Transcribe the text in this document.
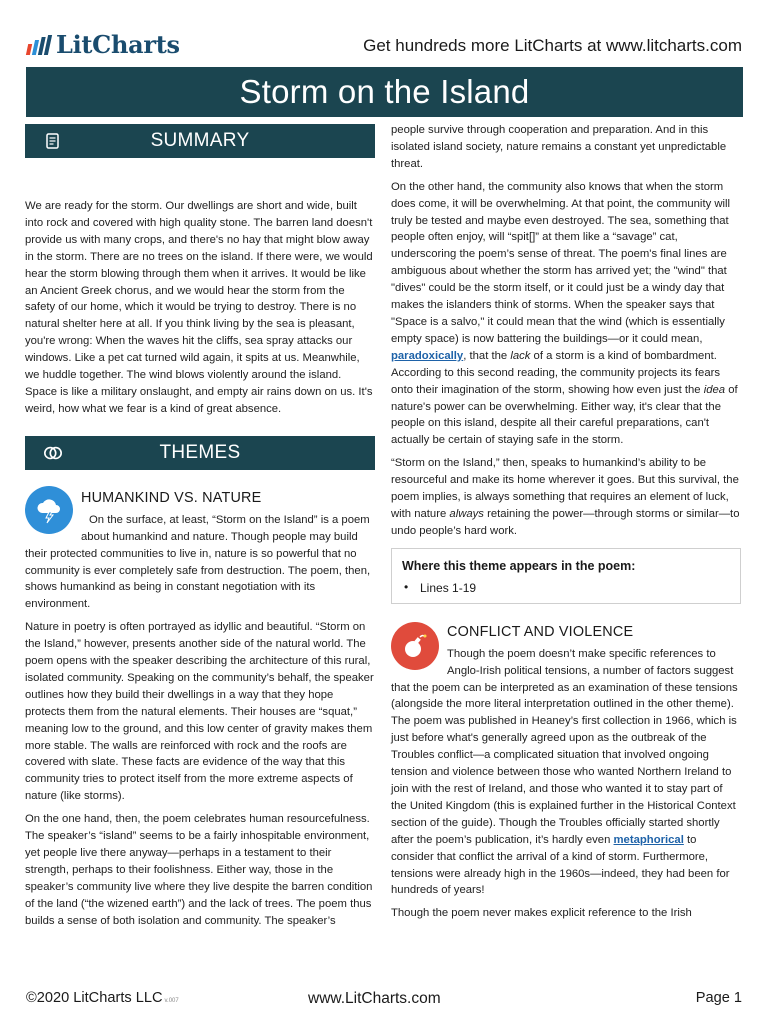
LitCharts	Get hundreds more LitCharts at www.litcharts.com
Storm on the Island
SUMMARY

We are ready for the storm. Our dwellings are short and wide, built into rock and covered with high quality stone. The barren land doesn't provide us with many crops, and there's no hay that might blow away in the storm. There are no trees on the island. If there were, we would hear the storm blowing through them when it arrives. It would be like an Ancient Greek chorus, and we would hear the storm from the safety of our home, which it would be trying to destroy. There is no natural shelter here at all. If you think living by the sea is pleasant, you're wrong: When the waves hit the cliffs, sea spray attacks our windows. Like a pet cat turned wild again, it spits at us. Meanwhile, we huddle together. The wind blows violently around the island. Space is like a military onslaught, and empty air rains down on us. It's weird, how what we fear is a kind of great absence.

THEMES
HUMANKIND VS. NATURE

On the surface, at least, “Storm on the Island” is a poem about humankind and nature. Though people may build their protected communities to live in, nature is so powerful that no community is ever completely safe from destruction. The poem, then, shows humankind as being in constant negotiation with its environment.

Nature in poetry is often portrayed as idyllic and beautiful. “Storm on the Island,” however, presents another side of the natural world. The poem opens with the speaker describing the architecture of this rural, isolated community. Speaking on the community’s behalf, the speaker outlines how they build their dwellings in a way that they hope protects them from the natural elements. Their houses are “squat,” meaning low to the ground, and this low center of gravity makes them more stable. The walls are reinforced with rock and the roofs are covered with slate. These facts are evidence of the way that this community tries to protect itself from the more extreme aspects of nature (like storms).

On the one hand, then, the poem celebrates human resourcefulness. The speaker’s “island” seems to be a fairly inhospitable environment, yet people live there anyway—perhaps in a testament to their strength, perhaps to their foolishness. Either way, those in the speaker’s community live where they live despite the barren condition of the land (“the wizened earth”) and the lack of trees. The poem thus builds a sense of both isolation and community. The speaker’s

people survive through cooperation and preparation. And in this isolated island society, nature remains a constant yet unpredictable threat.

On the other hand, the community also knows that when the storm does come, it will be overwhelming. At that point, the community will truly be tested and maybe even destroyed. The sea, something that people often enjoy, will “spit[]” at them like a “savage” cat, underscoring the poem’s sense of threat. The poem's final lines are ambiguous about whether the storm has arrived yet; the "wind" that "dives" could be the storm itself, or it could just be a windy day that makes the islanders think of storms. When the speaker says that "Space is a salvo," it could mean that the wind (which is essentially empty space) is now battering the buildings—or it could mean, paradoxically, that the lack of a storm is a kind of bombardment. According to this second reading, the community projects its fears onto their imagination of the storm, showing how even just the idea of nature's power can be overwhelming. Either way, it's clear that the people on this island, despite all their careful preparations, can't actually be certain of staying safe in the storm.

“Storm on the Island,” then, speaks to humankind’s ability to be resourceful and make its home wherever it goes. But this survival, the poem implies, is always something that requires an element of luck, with nature always retaining the power—through storms or similar—to undo people’s hard work.

Where this theme appears in the poem:
• Lines 1-19
CONFLICT AND VIOLENCE

Though the poem doesn’t make specific references to Anglo-Irish political tensions, a number of factors suggest that the poem can be interpreted as an examination of these tensions (alongside the more literal interpretation outlined in the other theme). The poem was published in Heaney’s first collection in 1966, which is just before what's generally agreed upon as the outbreak of the Troubles conflict—a complicated situation that involved ongoing tension and violence between those who wanted Northern Ireland to join with the rest of Ireland, and those who wanted it to stay part of the United Kingdom (this is explained further in the Historical Context section of the guide). Though the Troubles officially started shortly after the poem’s publication, it’s hardly even metaphorical to consider that conflict the arrival of a kind of storm. Furthermore, tensions were already high in the 1960s—indeed, they had been for hundreds of years!

Though the poem never makes explicit reference to the Irish

©2020 LitCharts LLC v.007	www.LitCharts.com	Page 1
